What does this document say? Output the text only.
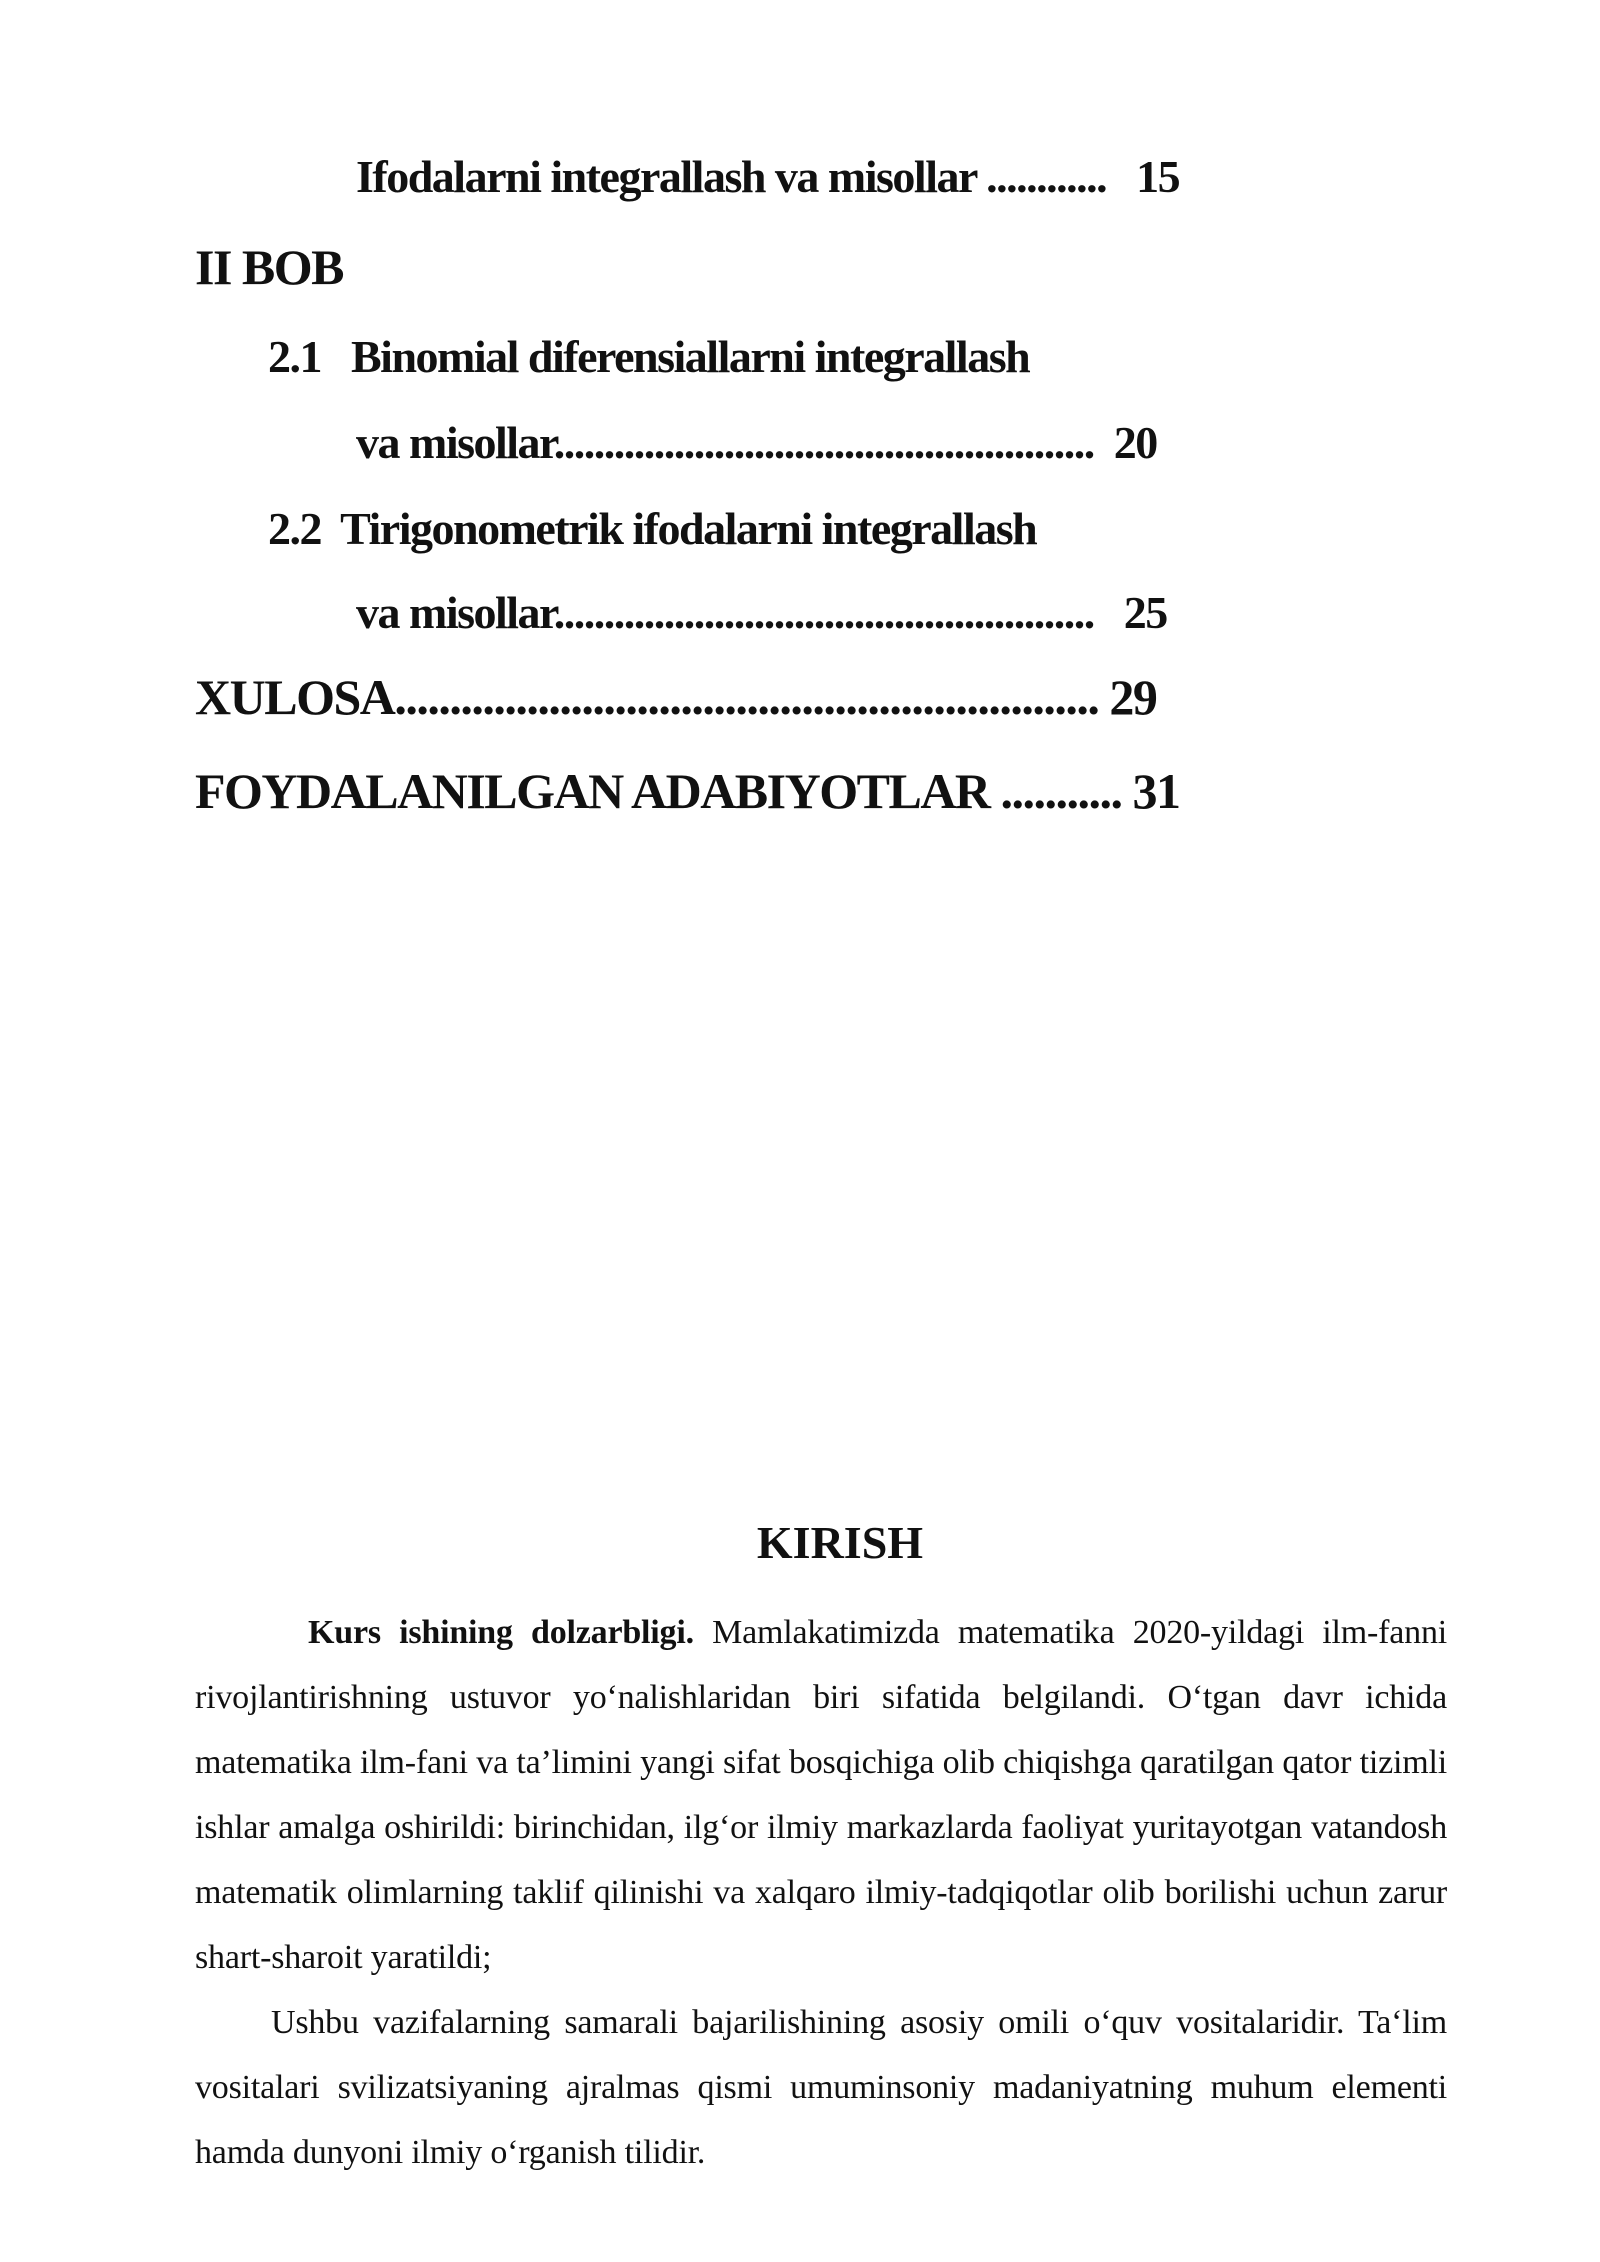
Ifodalarni integrallash va misollar ............   15
II BOB
2.1   Binomial diferensiallarni integrallash
va misollar......................................................  20
2.2  Tirigonometrik ifodalarni integrallash
va misollar......................................................   25
XULOSA................................................................ 29
FOYDALANILGAN ADABIYOTLAR ........... 31
KIRISH

Kurs ishining dolzarbligi. Mamlakatimizda matematika 2020-yildagi ilm-fanni rivojlantirishning ustuvor yo‘nalishlaridan biri sifatida belgilandi. O‘tgan davr ichida matematika ilm-fani va ta’limini yangi sifat bosqichiga olib chiqishga qaratilgan qator tizimli ishlar amalga oshirildi: birinchidan, ilg‘or ilmiy markazlarda faoliyat yuritayotgan vatandosh matematik olimlarning taklif qilinishi va xalqaro ilmiy-tadqiqotlar olib borilishi uchun zarur shart-sharoit yaratildi;

Ushbu vazifalarning samarali bajarilishining asosiy omili o‘quv vositalaridir. Ta‘lim vositalari svilizatsiyaning ajralmas qismi umuminsoniy madaniyatning muhum elementi hamda dunyoni ilmiy o‘rganish tilidir.
